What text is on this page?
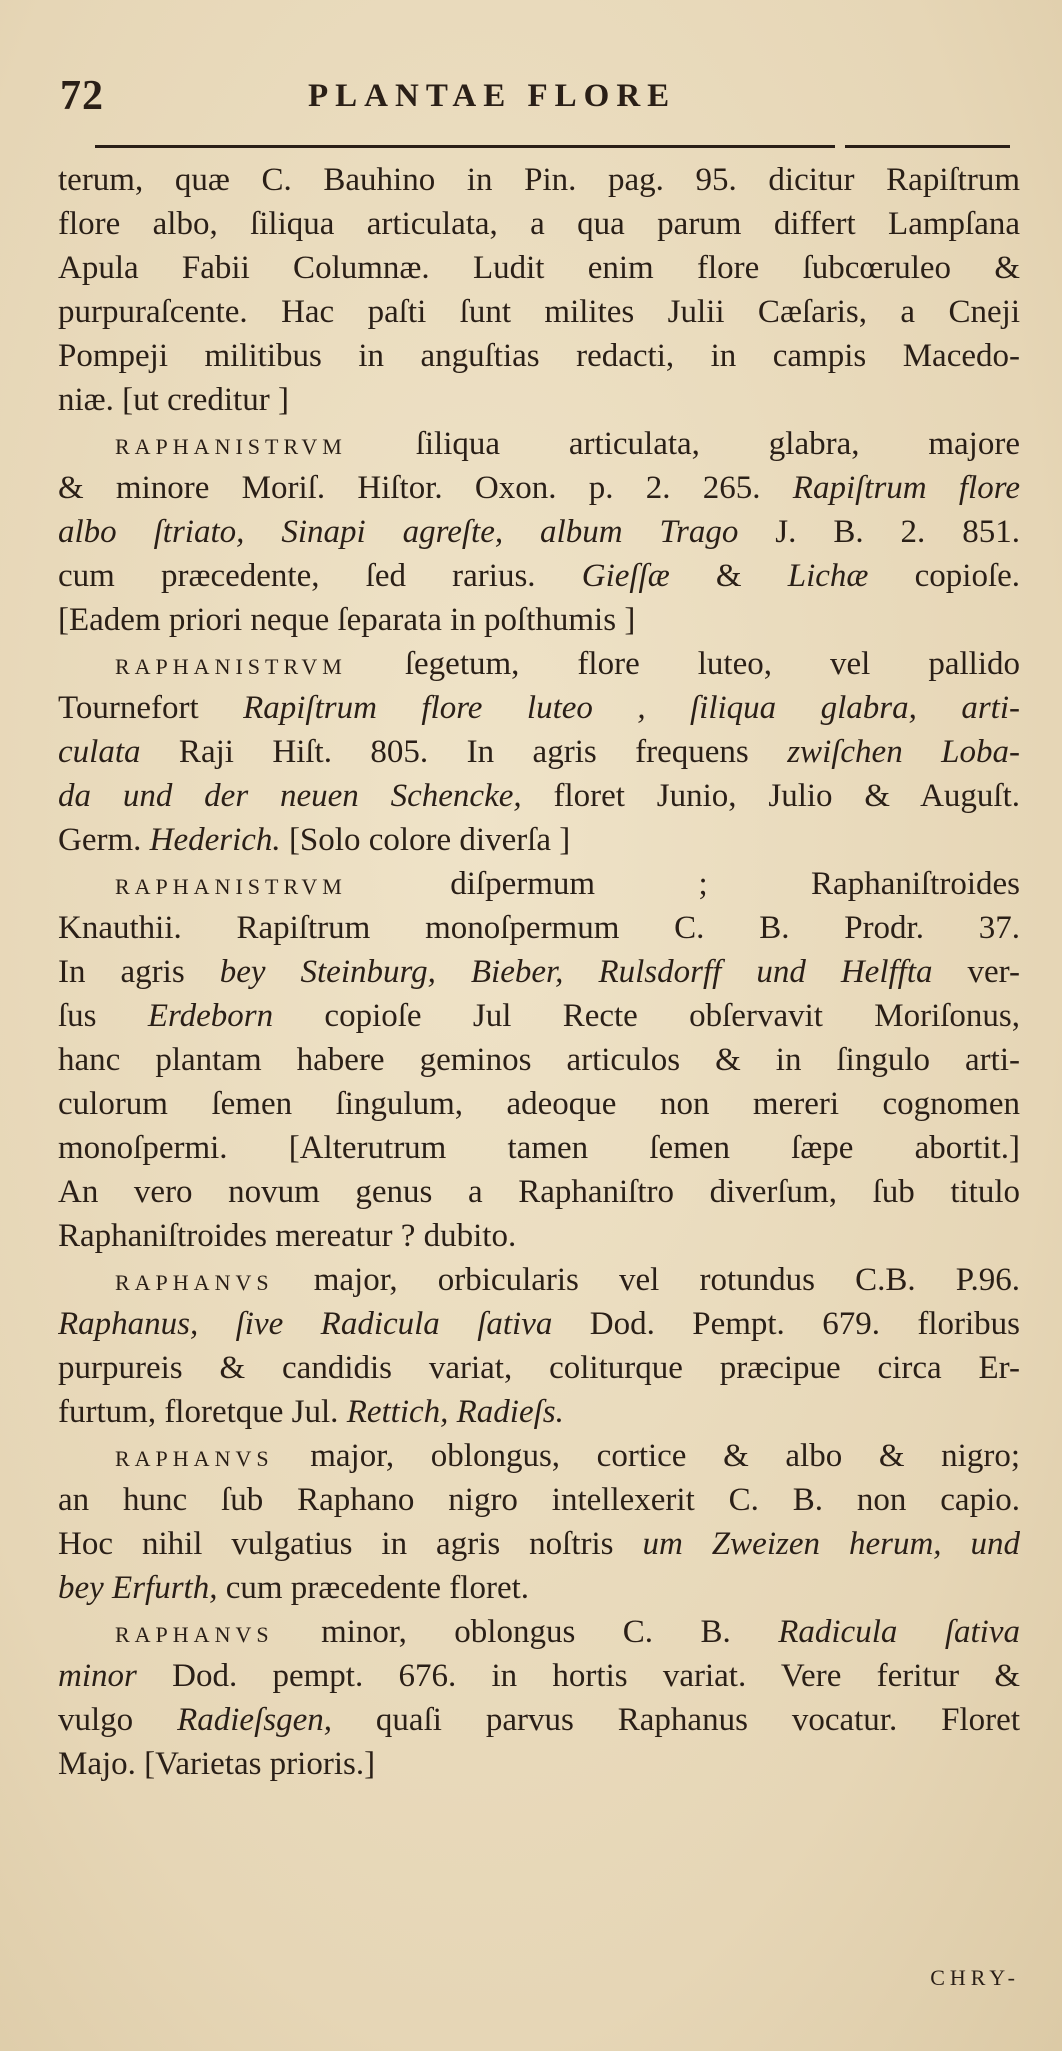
72	PLANTAE FLORE
terum, quæ C. Bauhino in Pin. pag. 95. dicitur Rapiſtrum
flore albo, ſiliqua articulata, a qua parum differt Lampſana
Apula Fabii Columnæ. Ludit enim flore ſubcœruleo &
purpuraſcente. Hac paſti ſunt milites Julii Cæſaris, a Cneji
Pompeji militibus in anguſtias redacti, in campis Macedo-
niæ. [ut creditur ]
RAPHANISTRVM ſiliqua articulata, glabra, majore
& minore Moriſ. Hiſtor. Oxon. p. 2. 265. Rapiſtrum flore
albo ſtriato, Sinapi agreſte, album Trago J. B. 2. 851.
cum præcedente, ſed rarius. Gieſſæ & Lichæ copioſe.
[Eadem priori neque ſeparata in poſthumis ]
RAPHANISTRVM ſegetum, flore luteo, vel pallido
Tournefort Rapiſtrum flore luteo , ſiliqua glabra, arti-
culata Raji Hiſt. 805. In agris frequens zwiſchen Loba-
da und der neuen Schencke, floret Junio, Julio & Auguſt.
Germ. Hederich. [Solo colore diverſa ]
RAPHANISTRVM diſpermum ; Raphaniſtroides
Knauthii. Rapiſtrum monoſpermum C. B. Prodr. 37.
In agris bey Steinburg, Bieber, Rulsdorff und Helffta ver-
ſus Erdeborn copioſe Jul Recte obſervavit Moriſonus,
hanc plantam habere geminos articulos & in ſingulo arti-
culorum ſemen ſingulum, adeoque non mereri cognomen
monoſpermi. [Alterutrum tamen ſemen ſæpe abortit.]
An vero novum genus a Raphaniſtro diverſum, ſub titulo
Raphaniſtroides mereatur ? dubito.
RAPHANVS major, orbicularis vel rotundus C.B. P.96.
Raphanus, ſive Radicula ſativa Dod. Pempt. 679. floribus
purpureis & candidis variat, coliturque præcipue circa Er-
furtum, floretque Jul. Rettich, Radieſs.
RAPHANVS major, oblongus, cortice & albo & nigro;
an hunc ſub Raphano nigro intellexerit C. B. non capio.
Hoc nihil vulgatius in agris noſtris um Zweizen herum, und
bey Erfurth, cum præcedente floret.
RAPHANVS minor, oblongus C. B. Radicula ſativa
minor Dod. pempt. 676. in hortis variat. Vere feritur &
vulgo Radieſsgen, quaſi parvus Raphanus vocatur. Floret
Majo. [Varietas prioris.]
CHRY-
